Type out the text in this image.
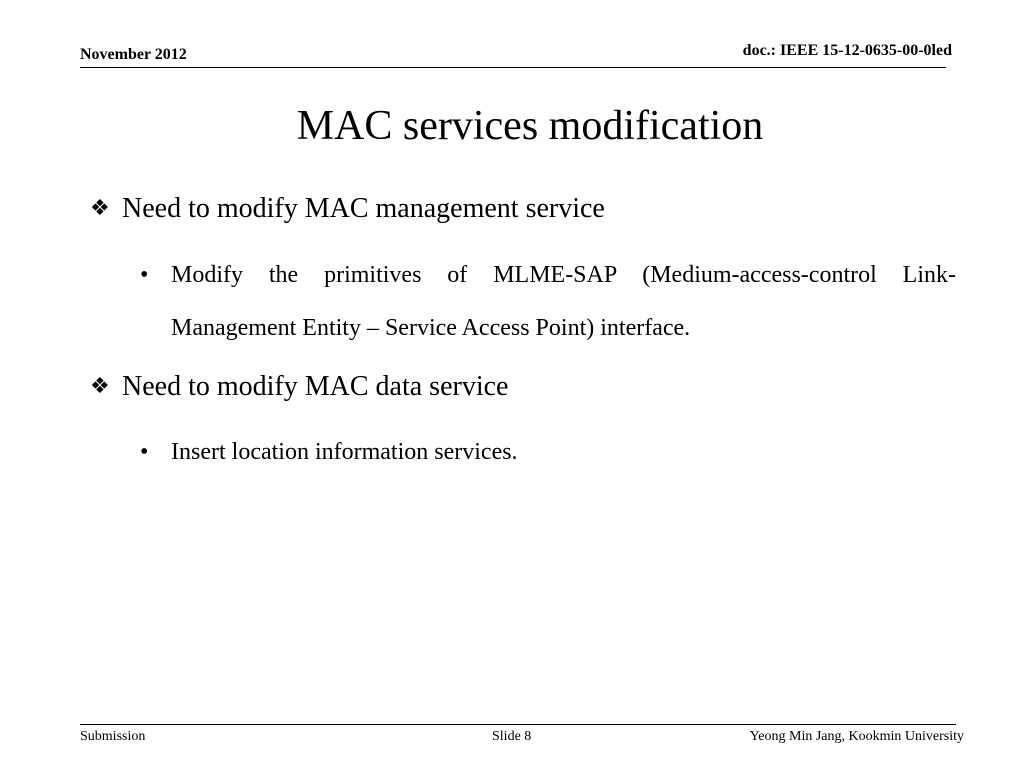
November 2012	doc.: IEEE 15-12-0635-00-0led
MAC services modification
❖ Need to modify MAC management service
• Modify the primitives of MLME-SAP (Medium-access-control Link-Management Entity – Service Access Point) interface.
❖ Need to modify MAC data service
• Insert location information services.
Submission	Slide 8	Yeong Min Jang, Kookmin University
